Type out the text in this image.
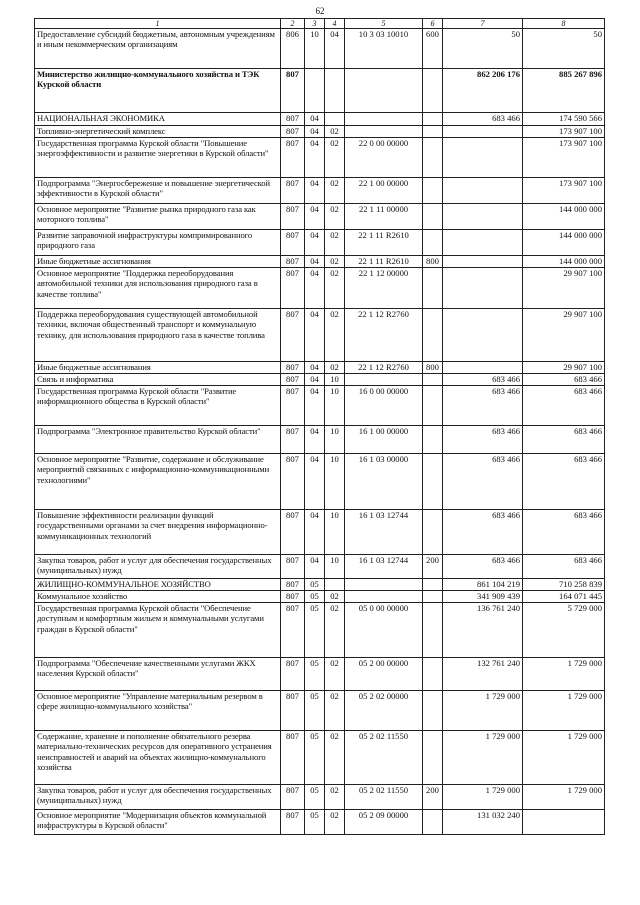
62
1	2	3	4	5	6	7	8
Предоставление субсидий бюджетным, автономным учреждениям и иным некоммерческим организациям	806	10	04	10 3 03 10010	600	50	50
Министерство жилищно-коммунального хозяйства и ТЭК Курской области	807					862 206 176	885 267 896
НАЦИОНАЛЬНАЯ ЭКОНОМИКА	807	04				683 466	174 590 566
Топливно-энергетический комплекс	807	04	02				173 907 100
Государственная программа Курской области "Повышение энергоэффективности и развитие энергетики в Курской области"	807	04	02	22 0 00 00000			173 907 100
Подпрограмма "Энергосбережение и повышение энергетической эффективности в Курской области"	807	04	02	22 1 00 00000			173 907 100
Основное мероприятие "Развитие рынка природного газа как моторного топлива"	807	04	02	22 1 11 00000			144 000 000
Развитие заправочной инфраструктуры компримированного природного газа	807	04	02	22 1 11 R2610			144 000 000
Иные бюджетные ассигнования	807	04	02	22 1 11 R2610	800		144 000 000
Основное мероприятие "Поддержка переоборудования автомобильной техники для использования природного газа в качестве топлива"	807	04	02	22 1 12 00000			29 907 100
Поддержка переоборудования существующей автомобильной техники, включая общественный транспорт и коммунальную технику, для использования природного газа в качестве топлива	807	04	02	22 1 12 R2760			29 907 100
Иные бюджетные ассигнования	807	04	02	22 1 12 R2760	800		29 907 100
Связь и информатика	807	04	10			683 466	683 466
Государственная программа Курской области "Развитие информационного общества в Курской области"	807	04	10	16 0 00 00000		683 466	683 466
Подпрограмма "Электронное правительство Курской области"	807	04	10	16 1 00 00000		683 466	683 466
Основное мероприятие "Развитие, содержание и обслуживание мероприятий связанных с информационно-коммуникационными технологиями"	807	04	10	16 1 03 00000		683 466	683 466
Повышение эффективности реализации функций государственными органами за счет внедрения информационно-коммуникационных технологий	807	04	10	16 1 03 12744		683 466	683 466
Закупка товаров, работ и услуг для обеспечения государственных (муниципальных) нужд	807	04	10	16 1 03 12744	200	683 466	683 466
ЖИЛИЩНО-КОММУНАЛЬНОЕ ХОЗЯЙСТВО	807	05				861 104 219	710 258 839
Коммунальное хозяйство	807	05	02			341 909 439	164 071 445
Государственная программа Курской области "Обеспечение доступным и комфортным жильем и коммунальными услугами граждан в Курской области"	807	05	02	05 0 00 00000		136 761 240	5 729 000
Подпрограмма "Обеспечение качественными услугами ЖКХ населения Курской области"	807	05	02	05 2 00 00000		132 761 240	1 729 000
Основное мероприятие "Управление материальным резервом в сфере жилищно-коммунального хозяйства"	807	05	02	05 2 02 00000		1 729 000	1 729 000
Содержание, хранение и пополнение обязательного резерва материально-технических ресурсов для оперативного устранения неисправностей и аварий на объектах жилищно-коммунального хозяйства	807	05	02	05 2 02 11550		1 729 000	1 729 000
Закупка товаров, работ и услуг для обеспечения государственных (муниципальных) нужд	807	05	02	05 2 02 11550	200	1 729 000	1 729 000
Основное мероприятие "Модернизация объектов коммунальной инфраструктуры в Курской области"	807	05	02	05 2 09 00000		131 032 240	
